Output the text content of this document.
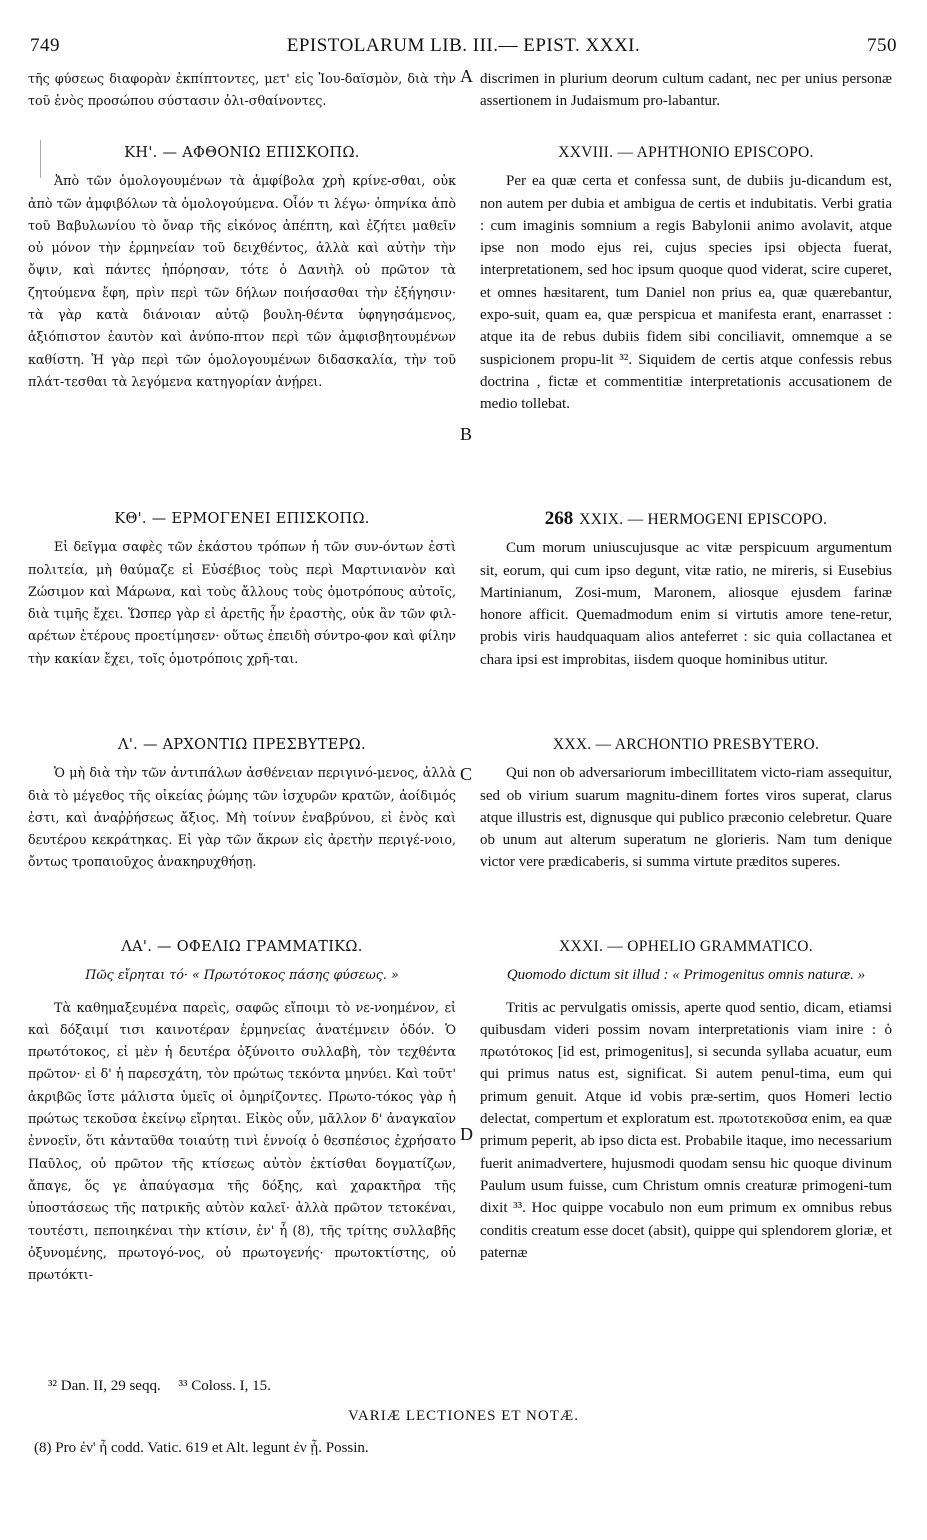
749	EPISTOLARUM LIB. III.— EPIST. XXXI.	750

τῆς φύσεως διαφορὰν ἐκπίπτοντες, μετ' εἰς Ἰου-δαϊσμὸν, διὰ τὴν τοῦ ἑνὸς προσώπου σύστασιν ὀλι-σθαίνοντες.

ΚΗ'. — ΑΦΘΟΝΙΩ ΕΠΙΣΚΟΠΩ.

Ἀπὸ τῶν ὁμολογουμένων τὰ ἀμφίβολα χρὴ κρίνε-σθαι, οὐκ ἀπὸ τῶν ἀμφιβόλων τὰ ὁμολογούμενα. Οἷόν τι λέγω· ὁπηνίκα ἀπὸ τοῦ Βαβυλωνίου τὸ ὄναρ τῆς εἰκόνος ἀπέπτη, καὶ ἐζήτει μαθεῖν οὐ μόνον τὴν ἑρμηνείαν τοῦ δειχθέντος, ἀλλὰ καὶ αὐτὴν τὴν ὄψιν, καὶ πάντες ἠπόρησαν, τότε ὁ Δανιὴλ οὐ πρῶτον τὰ ζητούμενα ἔφη, πρὶν περὶ τῶν δήλων ποιήσασθαι τὴν ἐξήγησιν· τὰ γὰρ κατὰ διάνοιαν αὐτῷ βουλη-θέντα ὑφηγησάμενος, ἀξιόπιστον ἑαυτὸν καὶ ἀνύπο-πτον περὶ τῶν ἀμφισβητουμένων καθίστη. Ἡ γὰρ περὶ τῶν ὁμολογουμένων διδασκαλία, τὴν τοῦ πλάτ-τεσθαι τὰ λεγόμενα κατηγορίαν ἀνῄρει.

ΚΘ'. — ΕΡΜΟΓΕΝΕΙ ΕΠΙΣΚΟΠΩ.

Εἰ δεῖγμα σαφὲς τῶν ἑκάστου τρόπων ἡ τῶν συν-όντων ἐστὶ πολιτεία, μὴ θαύμαζε εἰ Εὐσέβιος τοὺς περὶ Μαρτινιανὸν καὶ Ζώσιμον καὶ Μάρωνα, καὶ τοὺς ἄλλους τοὺς ὁμοτρόπους αὐτοῖς, διὰ τιμῆς ἔχει. Ὥσπερ γὰρ εἰ ἀρετῆς ἦν ἐραστὴς, οὐκ ἂν τῶν φιλ-αρέτων ἑτέρους προετίμησεν· οὕτως ἐπειδὴ σύντρο-φον καὶ φίλην τὴν κακίαν ἔχει, τοῖς ὁμοτρόποις χρῆ-ται.

Λ'. — ΑΡΧΟΝΤΙΩ ΠΡΕΣΒΥΤΕΡΩ.

Ὁ μὴ διὰ τὴν τῶν ἀντιπάλων ἀσθένειαν περιγινό-μενος, ἀλλὰ διὰ τὸ μέγεθος τῆς οἰκείας ῥώμης τῶν ἰσχυρῶν κρατῶν, ἀοίδιμός ἐστι, καὶ ἀναῤῥήσεως ἄξιος. Μὴ τοίνυν ἐναβρύνου, εἰ ἑνὸς καὶ δευτέρου κεκράτηκας. Εἰ γὰρ τῶν ἄκρων εἰς ἀρετὴν περιγέ-νοιο, ὄντως τροπαιοῦχος ἀνακηρυχθήσῃ.

ΛΑ'. — ΟΦΕΛΙΩ ΓΡΑΜΜΑΤΙΚΩ.
Πῶς εἴρηται τό· « Πρωτότοκος πάσης φύσεως. »

Τὰ καθημαξευμένα παρεὶς, σαφῶς εἴποιμι τὸ νε-νοημένον, εἰ καὶ δόξαιμί τισι καινοτέραν ἑρμηνείας ἀνατέμνειν ὁδόν. Ὁ πρωτότοκος, εἰ μὲν ἡ δευτέρα ὀξύνοιτο συλλαβὴ, τὸν τεχθέντα πρῶτον· εἰ δ' ἡ παρεσχάτη, τὸν πρώτως τεκόντα μηνύει. Καὶ τοῦτ' ἀκριβῶς ἴστε μάλιστα ὑμεῖς οἱ ὁμηρίζοντες. Πρωτο-τόκος γὰρ ἡ πρώτως τεκοῦσα ἐκείνῳ εἴρηται. Εἰκὸς οὖν, μᾶλλον δ' ἀναγκαῖον ἐννοεῖν, ὅτι κἀνταῦθα τοιαύτῃ τινὶ ἐννοίᾳ ὁ θεσπέσιος ἐχρήσατο Παῦλος, οὐ πρῶτον τῆς κτίσεως αὐτὸν ἐκτίσθαι δογματίζων, ἄπαγε, ὅς γε ἀπαύγασμα τῆς δόξης, καὶ χαρακτῆρα τῆς ὑποστάσεως τῆς πατρικῆς αὐτὸν καλεῖ· ἀλλὰ πρῶτον τετοκέναι, τουτέστι, πεποιηκέναι τὴν κτίσιν, ἐν' ἧ (8), τῆς τρίτης συλλαβῆς ὀξυνομένης, πρωτογό-νος, οὐ πρωτογενής· πρωτοκτίστης, οὐ πρωτόκτι-

A
B
C
D

discrimen in plurium deorum cultum cadant, nec per unius personæ assertionem in Judaismum pro-labantur.

XXVIII. — APHTHONIO EPISCOPO.

Per ea quæ certa et confessa sunt, de dubiis ju-dicandum est, non autem per dubia et ambigua de certis et indubitatis. Verbi gratia : cum imaginis somnium a regis Babylonii animo avolavit, atque ipse non modo ejus rei, cujus species ipsi objecta fuerat, interpretationem, sed hoc ipsum quoque quod viderat, scire cuperet, et omnes hæsitarent, tum Daniel non prius ea, quæ quærebantur, expo-suit, quam ea, quæ perspicua et manifesta erant, enarrasset : atque ita de rebus dubiis fidem sibi conciliavit, omnemque a se suspicionem propu-lit ³². Siquidem de certis atque confessis rebus doctrina , fictæ et commentitiæ interpretationis accusationem de medio tollebat.

268 XXIX. — HERMOGENI EPISCOPO.

Cum morum uniuscujusque ac vitæ perspicuum argumentum sit, eorum, qui cum ipso degunt, vitæ ratio, ne mireris, si Eusebius Martinianum, Zosi-mum, Maronem, aliosque ejusdem farinæ honore afficit. Quemadmodum enim si virtutis amore tene-retur, probis viris haudquaquam alios anteferret : sic quia collactanea et chara ipsi est improbitas, iisdem quoque hominibus utitur.

XXX. — ARCHONTIO PRESBYTERO.

Qui non ob adversariorum imbecillitatem victo-riam assequitur, sed ob virium suarum magnitu-dinem fortes viros superat, clarus atque illustris est, dignusque qui publico præconio celebretur. Quare ob unum aut alterum superatum ne glorieris. Nam tum denique victor vere prædicaberis, si summa virtute præditos superes.

XXXI. — OPHELIO GRAMMATICO.
Quomodo dictum sit illud : « Primogenitus omnis naturæ. »

Tritis ac pervulgatis omissis, aperte quod sentio, dicam, etiamsi quibusdam videri possim novam interpretationis viam inire : ὁ πρωτότοκος [id est, primogenitus], si secunda syllaba acuatur, eum qui primus natus est, significat. Si autem penul-tima, eum qui primum genuit. Atque id vobis præ-sertim, quos Homeri lectio delectat, compertum et exploratum est. πρωτοτεκοῦσα enim, ea quæ primum peperit, ab ipso dicta est. Probabile itaque, imo necessarium fuerit animadvertere, hujusmodi quodam sensu hic quoque divinum Paulum usum fuisse, cum Christum omnis creaturæ primogeni-tum dixit ³³. Hoc quippe vocabulo non eum primum ex omnibus rebus conditis creatum esse docet (absit), quippe qui splendorem gloriæ, et paternæ

³² Dan. II, 29 seqq. ³³ Coloss. I, 15.
VARIÆ LECTIONES ET NOTÆ.
(8) Pro ἐν' ἧ codd. Vatic. 619 et Alt. legunt ἐν ᾗ. Possin.
